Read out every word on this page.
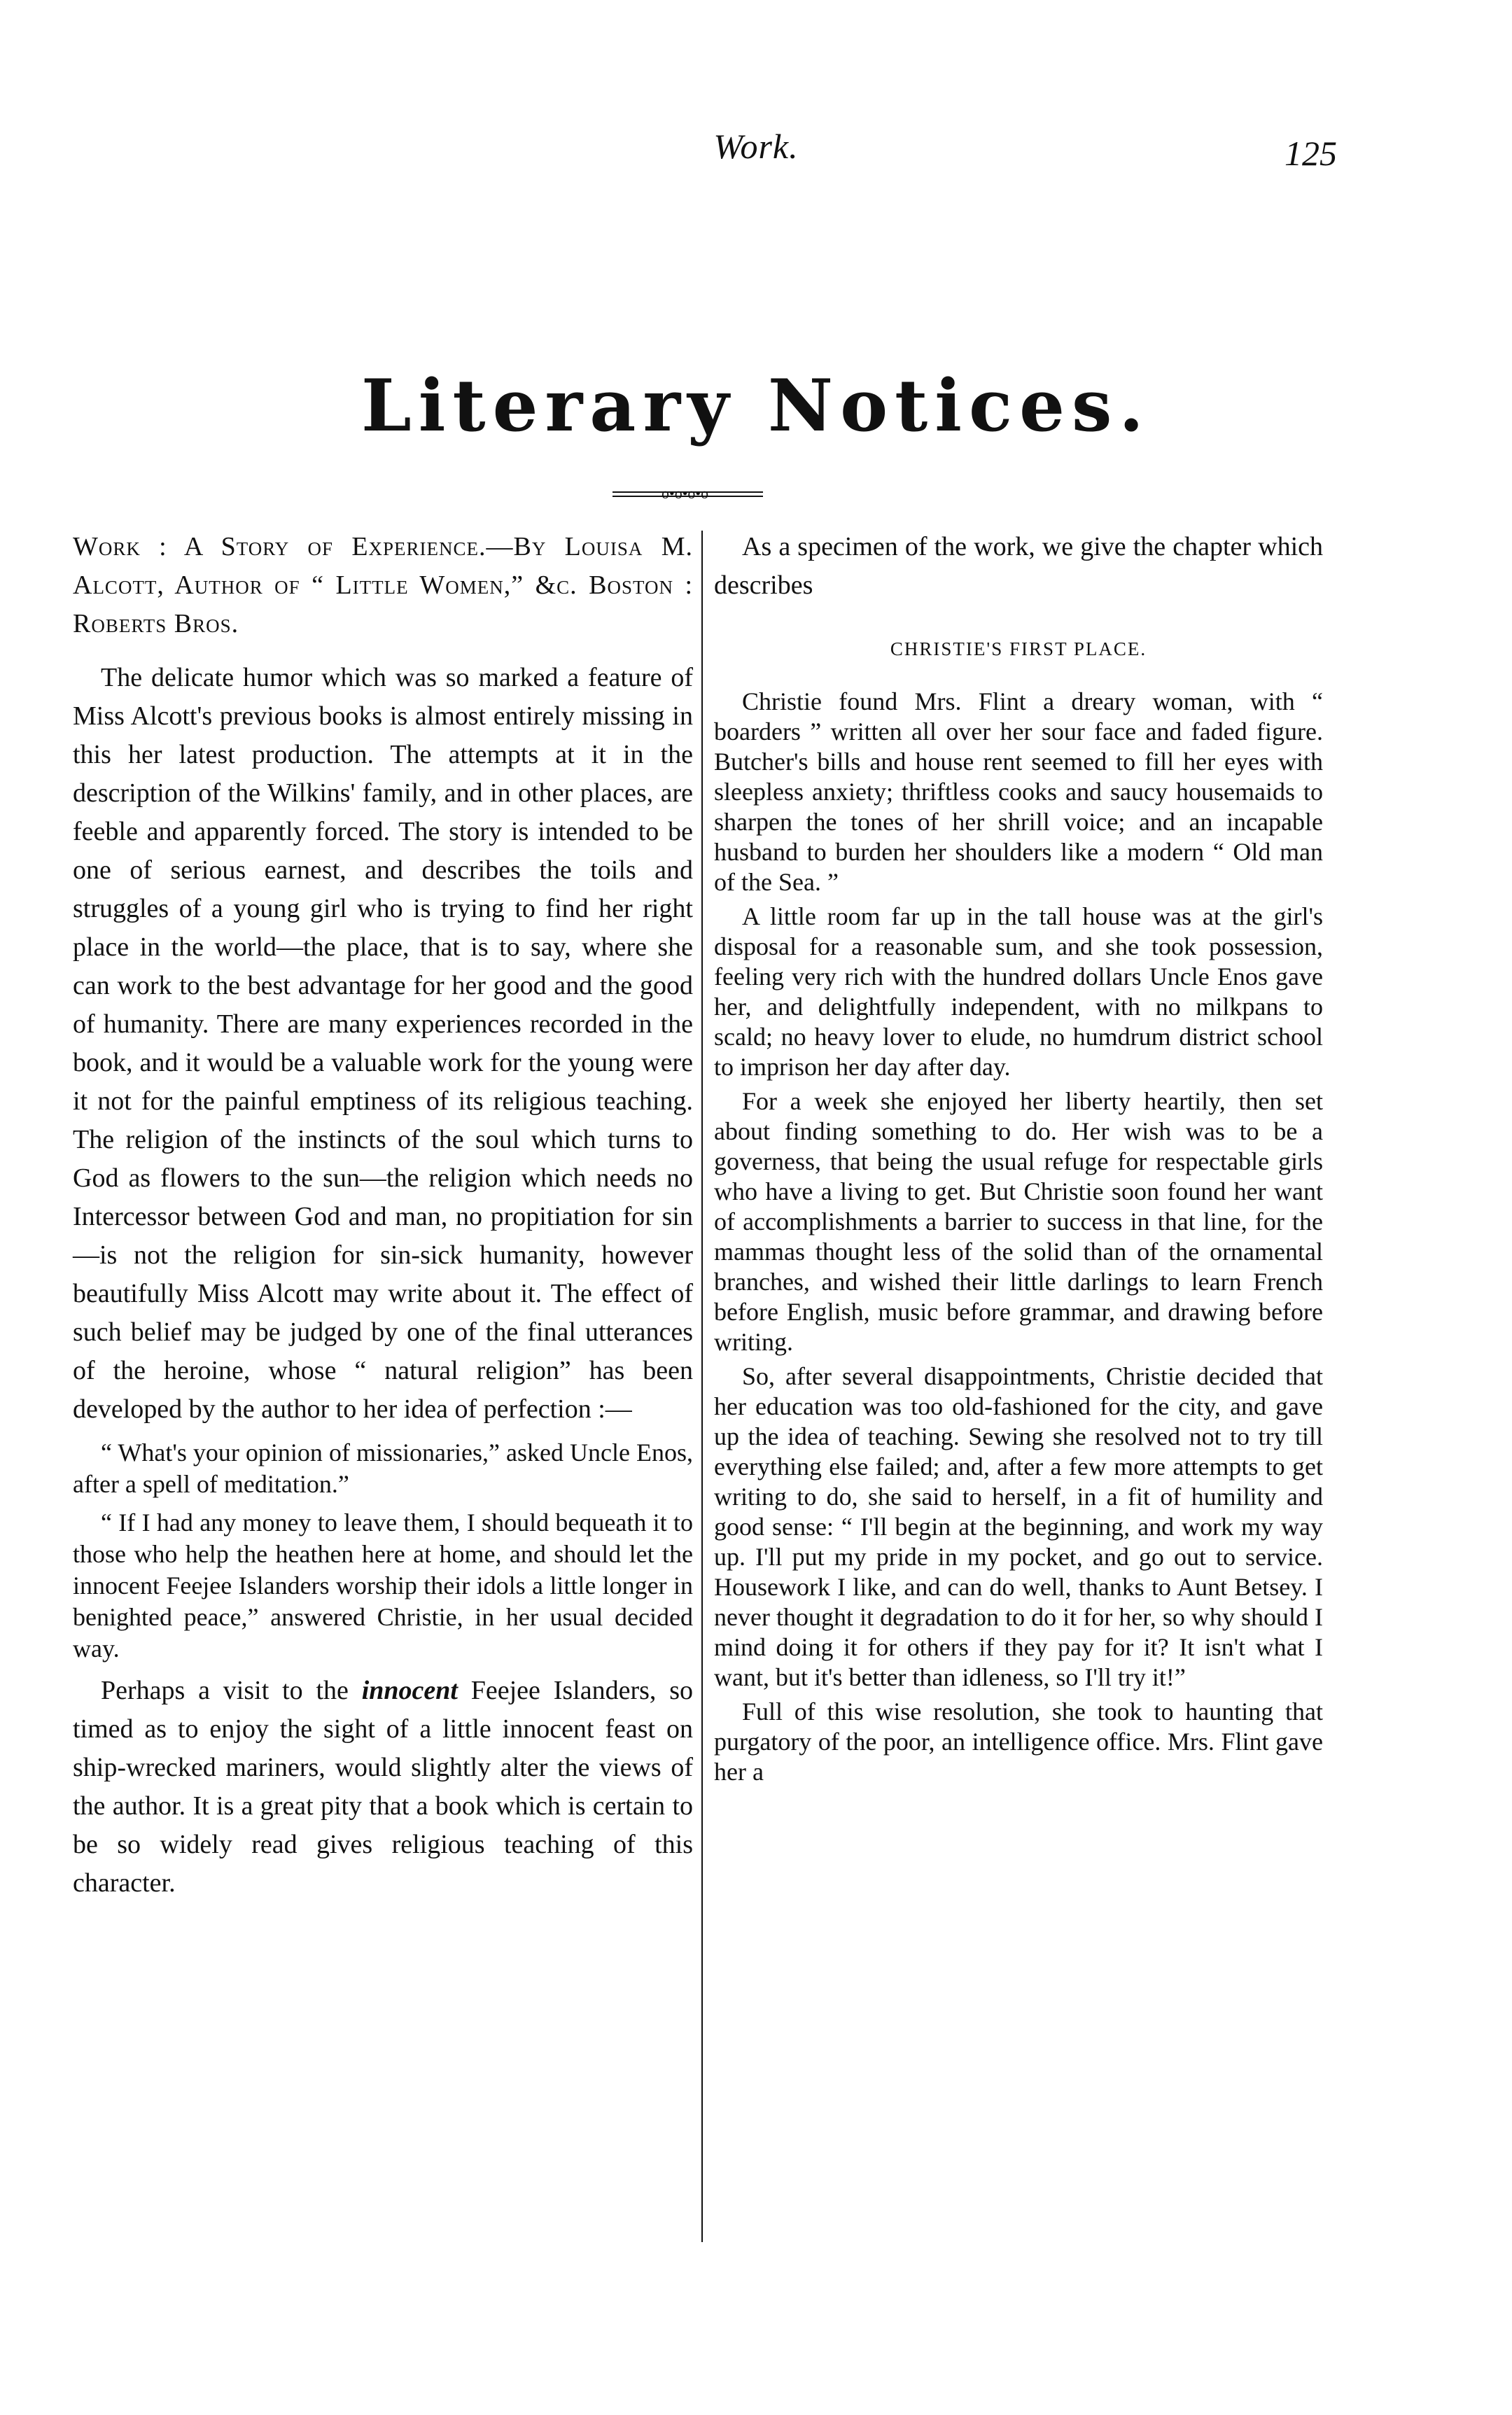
Work.	125
Literary Notices.
o•o•o•o

Work : A Story of Experience.—By Louisa M. Alcott, Author of “ Little Women,” &c. Boston : Roberts Bros.

The delicate humor which was so marked a feature of Miss Alcott's previous books is almost entirely missing in this her latest production. The attempts at it in the description of the Wilkins' family, and in other places, are feeble and apparently forced. The story is intended to be one of serious earnest, and describes the toils and struggles of a young girl who is trying to find her right place in the world—the place, that is to say, where she can work to the best advantage for her good and the good of humanity. There are many experiences recorded in the book, and it would be a valuable work for the young were it not for the painful emptiness of its religious teaching. The religion of the instincts of the soul which turns to God as flowers to the sun—the religion which needs no Intercessor between God and man, no propitiation for sin—is not the religion for sin-sick humanity, however beautifully Miss Alcott may write about it. The effect of such belief may be judged by one of the final utterances of the heroine, whose “ natural religion” has been developed by the author to her idea of perfection :—

“ What's your opinion of missionaries,” asked Uncle Enos, after a spell of meditation.”

“ If I had any money to leave them, I should bequeath it to those who help the heathen here at home, and should let the innocent Feejee Islanders worship their idols a little longer in benighted peace,” answered Christie, in her usual decided way.

Perhaps a visit to the innocent Feejee Islanders, so timed as to enjoy the sight of a little innocent feast on ship-wrecked mariners, would slightly alter the views of the author. It is a great pity that a book which is certain to be so widely read gives religious teaching of this character.

As a specimen of the work, we give the chapter which describes

CHRISTIE'S FIRST PLACE.

Christie found Mrs. Flint a dreary woman, with “ boarders ” written all over her sour face and faded figure. Butcher's bills and house rent seemed to fill her eyes with sleepless anxiety; thriftless cooks and saucy housemaids to sharpen the tones of her shrill voice; and an incapable husband to burden her shoulders like a modern “ Old man of the Sea. ”

A little room far up in the tall house was at the girl's disposal for a reasonable sum, and she took possession, feeling very rich with the hundred dollars Uncle Enos gave her, and delightfully independent, with no milkpans to scald; no heavy lover to elude, no humdrum district school to imprison her day after day.

For a week she enjoyed her liberty heartily, then set about finding something to do. Her wish was to be a governess, that being the usual refuge for respectable girls who have a living to get. But Christie soon found her want of accomplishments a barrier to success in that line, for the mammas thought less of the solid than of the ornamental branches, and wished their little darlings to learn French before English, music before grammar, and drawing before writing.

So, after several disappointments, Christie decided that her education was too old-fashioned for the city, and gave up the idea of teaching. Sewing she resolved not to try till everything else failed; and, after a few more attempts to get writing to do, she said to herself, in a fit of humility and good sense: “ I'll begin at the beginning, and work my way up. I'll put my pride in my pocket, and go out to service. Housework I like, and can do well, thanks to Aunt Betsey. I never thought it degradation to do it for her, so why should I mind doing it for others if they pay for it? It isn't what I want, but it's better than idleness, so I'll try it!”

Full of this wise resolution, she took to haunting that purgatory of the poor, an intelligence office. Mrs. Flint gave her a
